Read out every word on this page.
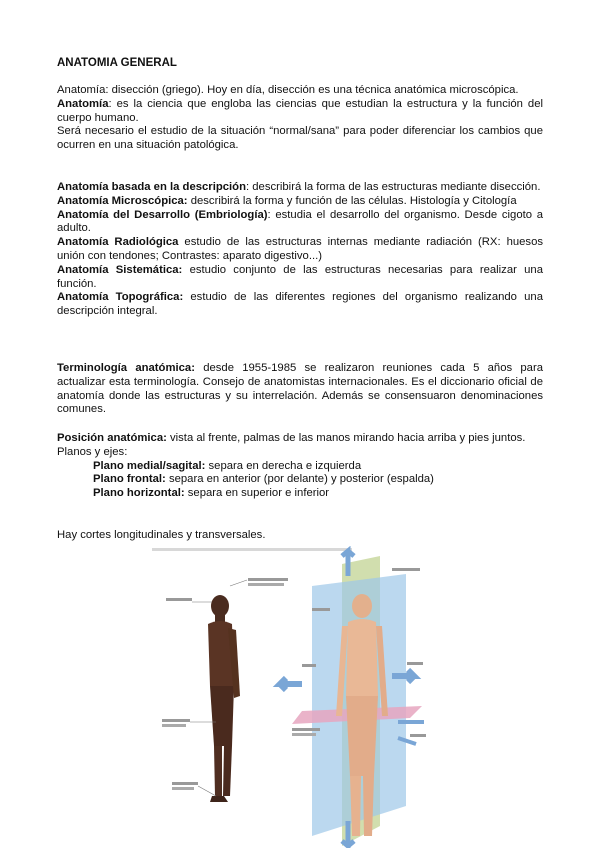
ANATOMIA GENERAL

Anatomía: disección (griego). Hoy en día, disección es una técnica anatómica microscópica.

Anatomía: es la ciencia que engloba las ciencias que estudian la estructura y la función del cuerpo humano.

Será necesario el estudio de la situación “normal/sana” para poder diferenciar los cambios que ocurren en una situación patológica.

Anatomía basada en la descripción: describirá la forma de las estructuras mediante disección.

Anatomía Microscópica: describirá la forma y función de las células. Histología y Citología

Anatomía del Desarrollo (Embriología): estudia el desarrollo del organismo. Desde cigoto a adulto.

Anatomía Radiológica estudio de las estructuras internas mediante radiación (RX: huesos unión con tendones; Contrastes: aparato digestivo...)

Anatomía Sistemática: estudio conjunto de las estructuras necesarias para realizar una función.

Anatomía Topográfica: estudio de las diferentes regiones del organismo realizando una descripción integral.

Terminología anatómica: desde 1955-1985 se realizaron reuniones cada 5 años para actualizar esta terminología. Consejo de anatomistas internacionales. Es el diccionario oficial de anatomía donde las estructuras y su interrelación. Además se consensuaron denominaciones comunes.

Posición anatómica: vista al frente, palmas de las manos mirando hacia arriba y pies juntos.

Planos y ejes:

Plano medial/sagital: separa en derecha e izquierda

Plano frontal: separa en anterior (por delante) y posterior (espalda)

Plano horizontal: separa en superior e inferior

Hay cortes longitudinales y transversales.
